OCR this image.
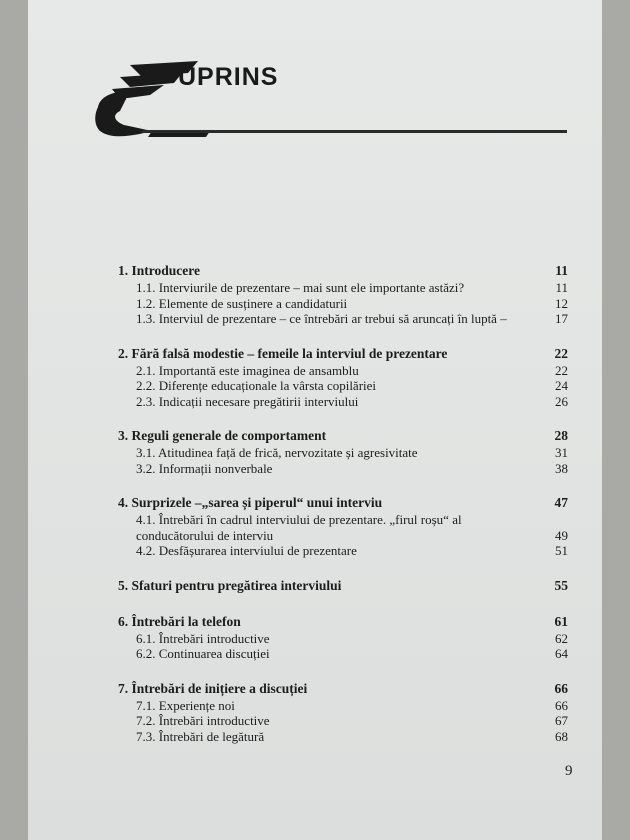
UPRINS
1. Introducere	11
1.1. Interviurile de prezentare – mai sunt ele importante astăzi?	11
1.2. Elemente de susținere a candidaturii	12
1.3. Interviul de prezentare – ce întrebări ar trebui să aruncați în luptă –	17
2. Fără falsă modestie – femeile la interviul de prezentare	22
2.1. Importantă este imaginea de ansamblu	22
2.2. Diferențe educaționale la vârsta copilăriei	24
2.3. Indicații necesare pregătirii interviului	26
3. Reguli generale de comportament	28
3.1. Atitudinea față de frică, nervozitate și agresivitate	31
3.2. Informații nonverbale	38
4. Surprizele –„sarea și piperul“ unui interviu	47
4.1. Întrebări în cadrul interviului de prezentare. „firul roșu“ al conducătorului de interviu	49
4.2. Desfășurarea interviului de prezentare	51
5. Sfaturi pentru pregătirea interviului	55
6. Întrebări la telefon	61
6.1. Întrebări introductive	62
6.2. Continuarea discuției	64
7. Întrebări de inițiere a discuției	66
7.1. Experiențe noi	66
7.2. Întrebări introductive	67
7.3. Întrebări de legătură	68
9
